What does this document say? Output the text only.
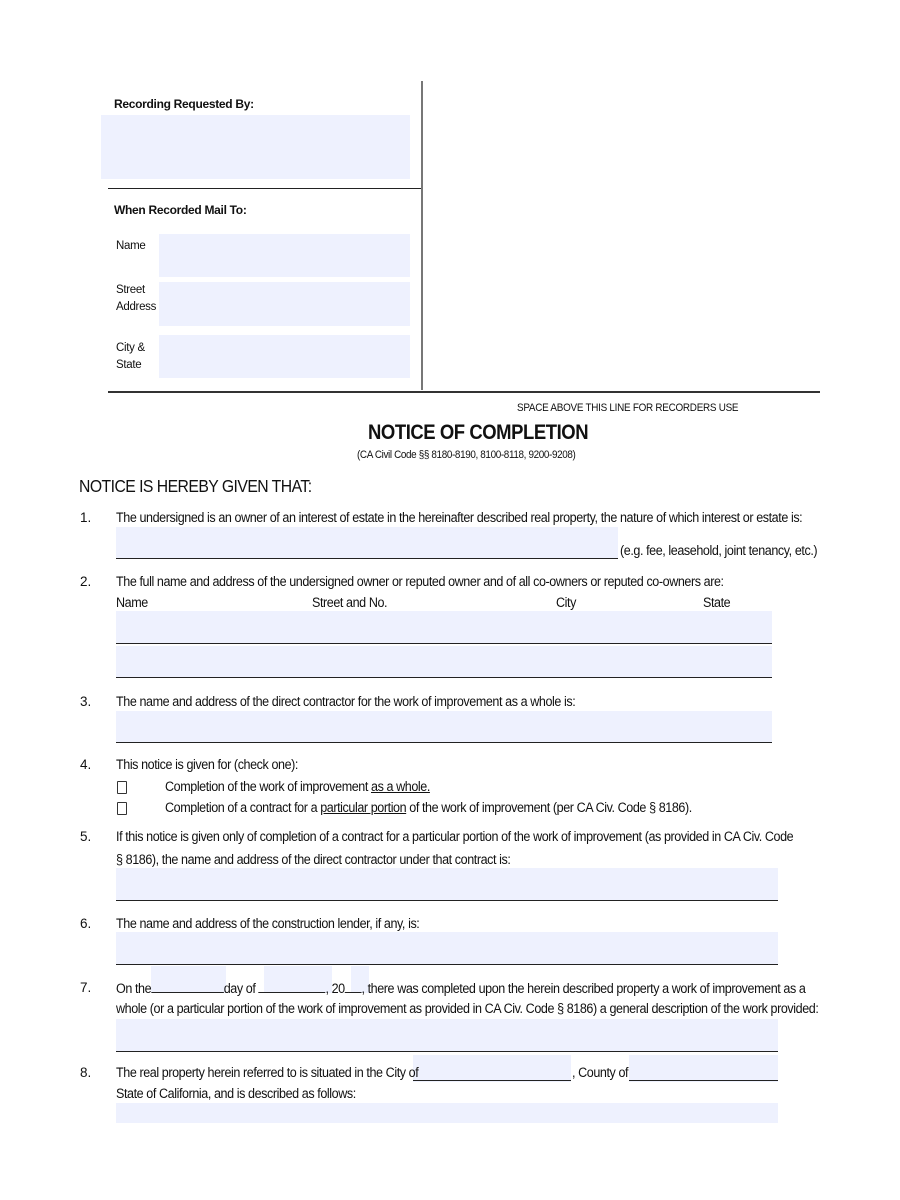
Recording Requested By:
When Recorded Mail To:
Name
Street
Address
City &
State
SPACE ABOVE THIS LINE FOR RECORDERS USE
NOTICE OF COMPLETION
(CA Civil Code §§ 8180-8190, 8100-8118, 9200-9208)
NOTICE IS HEREBY GIVEN THAT:
1. The undersigned is an owner of an interest of estate in the hereinafter described real property, the nature of which interest or estate is:
(e.g. fee, leasehold, joint tenancy, etc.)
2. The full name and address of the undersigned owner or reputed owner and of all co-owners or reputed co-owners are:
Name	Street and No.	City	State
3. The name and address of the direct contractor for the work of improvement as a whole is:
4. This notice is given for (check one):
Completion of the work of improvement as a whole.
Completion of a contract for a particular portion of the work of improvement (per CA Civ. Code § 8186).
5. If this notice is given only of completion of a contract for a particular portion of the work of improvement (as provided in CA Civ. Code
§ 8186), the name and address of the direct contractor under that contract is:
6. The name and address of the construction lender, if any, is:
7. On the	day of	, 20 , there was completed upon the herein described property a work of improvement as a
whole (or a particular portion of the work of improvement as provided in CA Civ. Code § 8186) a general description of the work provided:
8. The real property herein referred to is situated in the City of	, County of
State of California, and is described as follows:
